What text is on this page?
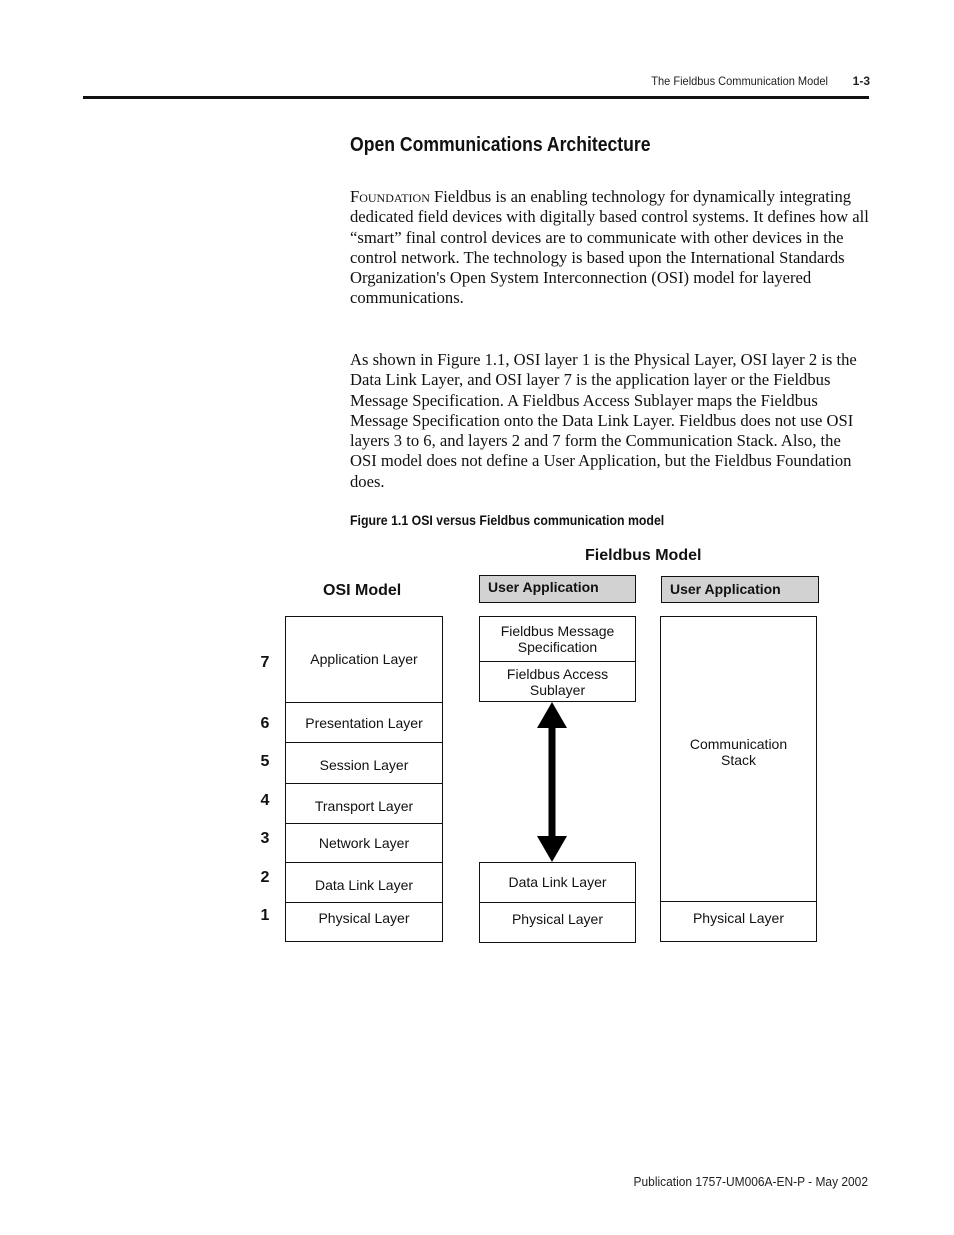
The Fieldbus Communication Model	1-3
Open Communications Architecture

Foundation Fieldbus is an enabling technology for dynamically integrating dedicated field devices with digitally based control systems. It defines how all “smart” final control devices are to communicate with other devices in the control network. The technology is based upon the International Standards Organization's Open System Interconnection (OSI) model for layered communications.

As shown in Figure 1.1, OSI layer 1 is the Physical Layer, OSI layer 2 is the Data Link Layer, and OSI layer 7 is the application layer or the Fieldbus Message Specification. A Fieldbus Access Sublayer maps the Fieldbus Message Specification onto the Data Link Layer. Fieldbus does not use OSI layers 3 to 6, and layers 2 and 7 form the Communication Stack. Also, the OSI model does not define a User Application, but the Fieldbus Foundation does.

Figure 1.1 OSI versus Fieldbus communication model
OSI Model
Fieldbus Model
7
6
5
4
3
2
1
Application Layer
Presentation Layer
Session Layer
Transport Layer
Network Layer
Data Link Layer
Physical Layer
User Application
Fieldbus Message Specification
Fieldbus Access Sublayer
Data Link Layer
Physical Layer
User Application
Communication Stack
Physical Layer
Publication 1757-UM006A-EN-P - May 2002
